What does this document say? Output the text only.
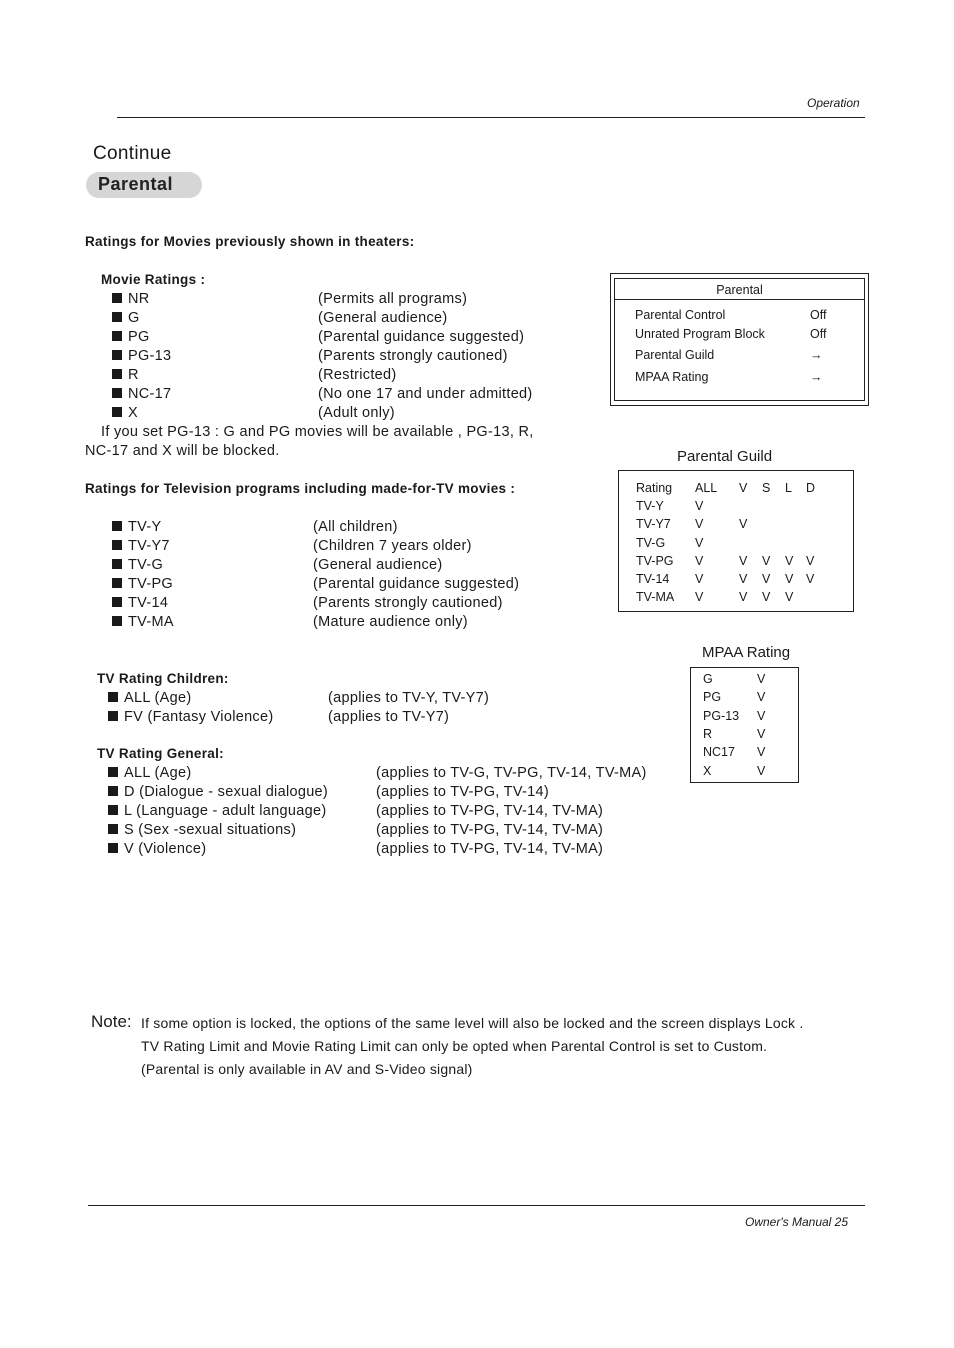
Operation
Continue
Parental
Ratings for Movies previously shown in theaters:
Movie Ratings :
NR	(Permits all programs)
G	(General audience)
PG	(Parental guidance suggested)
PG-13	(Parents strongly cautioned)
R	(Restricted)
NC-17	(No one 17 and under admitted)
X	(Adult only)
If you set PG-13 : G and PG movies will be available , PG-13, R,
NC-17 and X will be blocked.
Ratings for Television programs including made-for-TV movies :
TV-Y	(All children)
TV-Y7	(Children 7 years older)
TV-G	(General audience)
TV-PG	(Parental guidance suggested)
TV-14	(Parents strongly cautioned)
TV-MA	(Mature audience only)
TV Rating Children:
ALL (Age)	(applies to TV-Y, TV-Y7)
FV (Fantasy Violence)	(applies to TV-Y7)
TV Rating General:
ALL (Age)	(applies to TV-G, TV-PG, TV-14, TV-MA)
D (Dialogue - sexual dialogue)	(applies to TV-PG, TV-14)
L (Language - adult language)	(applies to TV-PG, TV-14, TV-MA)
S (Sex -sexual situations)	(applies to TV-PG, TV-14, TV-MA)
V (Violence)	(applies to TV-PG, TV-14, TV-MA)
Parental
Parental Control	Off
Unrated Program Block	Off
Parental Guild	→
MPAA Rating	→
Parental Guild
Rating ALL V S L D
TV-Y V
TV-Y7 V	V
TV-G V
TV-PG V	V V V V
TV-14 V	V V V V
TV-MA V	V V V
MPAA Rating
G	V
PG	V
PG-13 V
R	V
NC17 V
X	V
Note: If some option is locked, the options of the same level will also be locked and the screen displays Lock .
TV Rating Limit and Movie Rating Limit can only be opted when Parental Control is set to Custom.
(Parental is only available in AV and S-Video signal)
Owner's Manual 25
